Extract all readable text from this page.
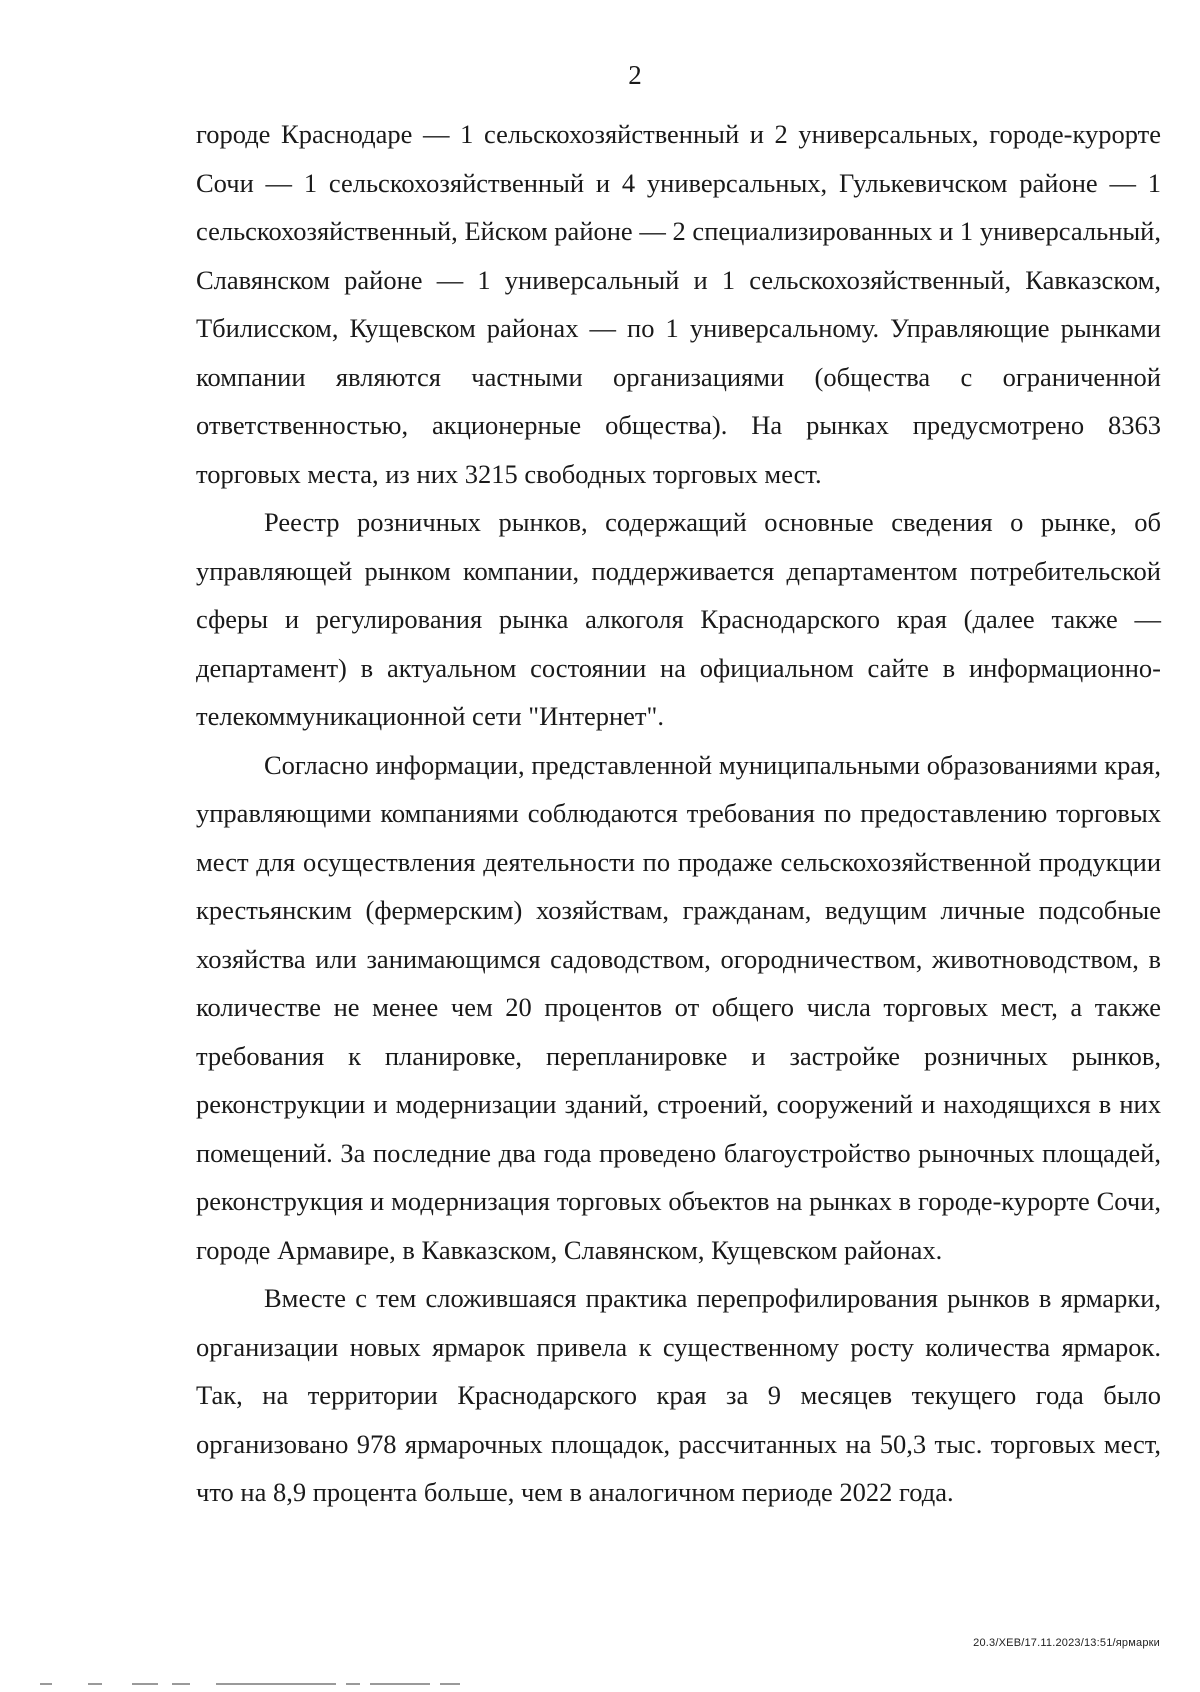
2

городе Краснодаре — 1 сельскохозяйственный и 2 универсальных, городе-курорте Сочи — 1 сельскохозяйственный и 4 универсальных, Гулькевичском районе — 1 сельскохозяйственный, Ейском районе — 2 специализированных и 1 универсальный, Славянском районе — 1 универсальный и 1 сельскохозяйственный, Кавказском, Тбилисском, Кущевском районах — по 1 универсальному. Управляющие рынками компании являются частными организациями (общества с ограниченной ответственностью, акционерные общества). На рынках предусмотрено 8363 торговых места, из них 3215 свободных торговых мест.

Реестр розничных рынков, содержащий основные сведения о рынке, об управляющей рынком компании, поддерживается департаментом потребительской сферы и регулирования рынка алкоголя Краснодарского края (далее также — департамент) в актуальном состоянии на официальном сайте в информационно-телекоммуникационной сети "Интернет".

Согласно информации, представленной муниципальными образованиями края, управляющими компаниями соблюдаются требования по предоставлению торговых мест для осуществления деятельности по продаже сельскохозяйственной продукции крестьянским (фермерским) хозяйствам, гражданам, ведущим личные подсобные хозяйства или занимающимся садоводством, огородничеством, животноводством, в количестве не менее чем 20 процентов от общего числа торговых мест, а также требования к планировке, перепланировке и застройке розничных рынков, реконструкции и модернизации зданий, строений, сооружений и находящихся в них помещений. За последние два года проведено благоустройство рыночных площадей, реконструкция и модернизация торговых объектов на рынках в городе-курорте Сочи, городе Армавире, в Кавказском, Славянском, Кущевском районах.

Вместе с тем сложившаяся практика перепрофилирования рынков в ярмарки, организации новых ярмарок привела к существенному росту количества ярмарок. Так, на территории Краснодарского края за 9 месяцев текущего года было организовано 978 ярмарочных площадок, рассчитанных на 50,3 тыс. торговых мест, что на 8,9 процента больше, чем в аналогичном периоде 2022 года.

20.3/ХЕВ/17.11.2023/13:51/ярмарки
